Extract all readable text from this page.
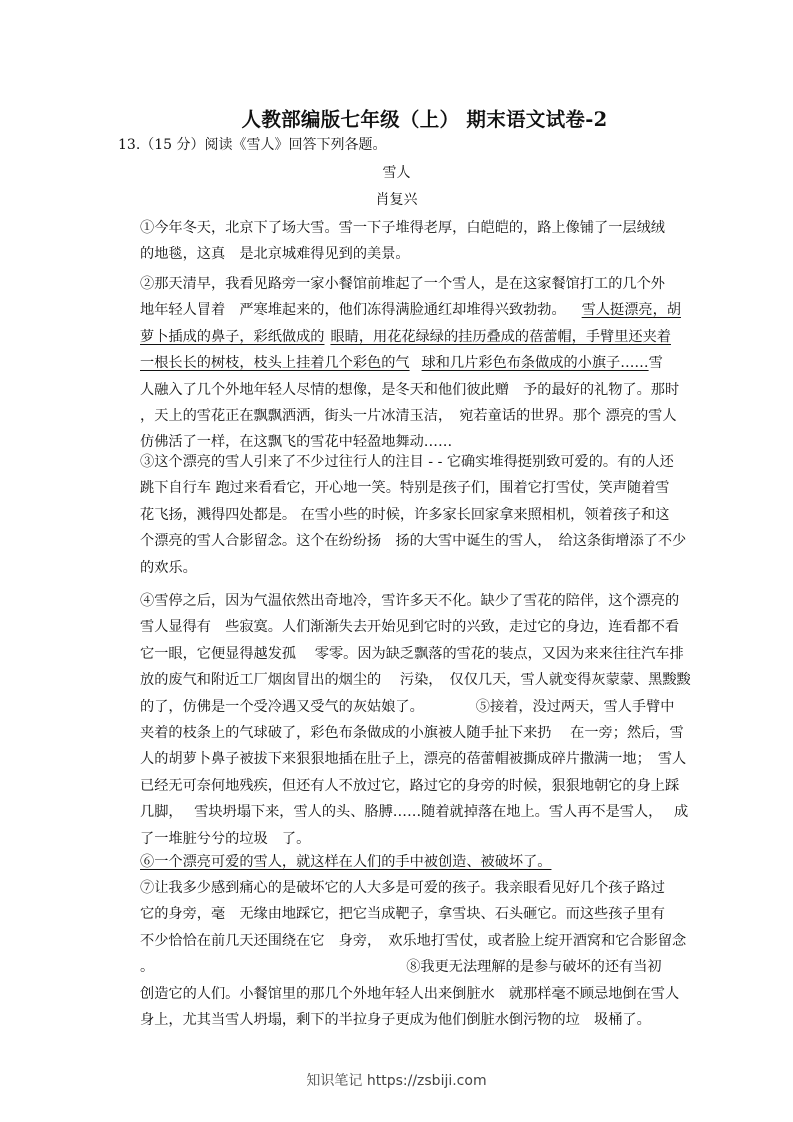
人教部编版七年级（上） 期末语文试卷-2
13.（15 分）阅读《雪人》回答下列各题。
雪人
肖复兴
①今年冬天，北京下了场大雪。雪一下子堆得老厚，白皑皑的，路上像铺了一层绒绒
的地毯，这真　是北京城难得见到的美景。
②那天清早，我看见路旁一家小餐馆前堆起了一个雪人，是在这家餐馆打工的几个外
地年轻人冒着　严寒堆起来的，他们冻得满脸通红却堆得兴致勃勃。 雪人挺漂亮，胡
萝卜插成的鼻子，彩纸做成的 眼睛，用花花绿绿的挂历叠成的蓓蕾帽，手臂里还夹着
一根长长的树枝，枝头上挂着几个彩色的气 球和几片彩色布条做成的小旗子……雪
人融入了几个外地年轻人尽情的想像，是冬天和他们彼此赠　予的最好的礼物了。那时
，天上的雪花正在飘飘洒洒，街头一片冰清玉洁，　宛若童话的世界。那个 漂亮的雪人
仿佛活了一样，在这飘飞的雪花中轻盈地舞动……
③这个漂亮的雪人引来了不少过往行人的注目 - - 它确实堆得挺别致可爱的。有的人还
跳下自行车 跑过来看看它，开心地一笑。特别是孩子们，围着它打雪仗，笑声随着雪
花飞扬，溅得四处都是。 在雪小些的时候，许多家长回家拿来照相机，领着孩子和这
个漂亮的雪人合影留念。这个在纷纷扬　扬的大雪中诞生的雪人，　给这条街增添了不少
的欢乐。
④雪停之后，因为气温依然出奇地冷，雪许多天不化。缺少了雪花的陪伴，这个漂亮的
雪人显得有　些寂寞。人们渐渐失去开始见到它时的兴致，走过它的身边，连看都不看
它一眼，它便显得越发孤　 零零。因为缺乏飘落的雪花的装点，又因为来来往往汽车排
放的废气和附近工厂烟囱冒出的烟尘的　 污染，　仅仅几天，雪人就变得灰蒙蒙、黑黢黢
的了，仿佛是一个受冷遇又受气的灰姑娘了。	⑤接着，没过两天，雪人手臂中
夹着的枝条上的气球破了，彩色布条做成的小旗被人随手扯下来扔　 在一旁；然后，雪
人的胡萝卜鼻子被拔下来狠狠地插在肚子上，漂亮的蓓蕾帽被撕成碎片撒满一地；　雪人
已经无可奈何地残疾，但还有人不放过它，路过它的身旁的时候，狠狠地朝它的身上踩
几脚，　 雪块坍塌下来，雪人的头、胳膊……随着就掉落在地上。雪人再不是雪人，　 成
了一堆脏兮兮的垃圾　了。
⑥一个漂亮可爱的雪人，就这样在人们的手中被创造、被破坏了。
⑦让我多少感到痛心的是破坏它的人大多是可爱的孩子。我亲眼看见好几个孩子路过
它的身旁，毫　无缘由地踩它，把它当成靶子，拿雪块、石头砸它。而这些孩子里有
不少恰恰在前几天还围绕在它　身旁，　欢乐地打雪仗，或者脸上绽开酒窝和它合影留念
。	⑧我更无法理解的是参与破坏的还有当初
创造它的人们。小餐馆里的那几个外地年轻人出来倒脏水　就那样毫不顾忌地倒在雪人
身上，尤其当雪人坍塌，剩下的半拉身子更成为他们倒脏水倒污物的垃　圾桶了。
知识笔记 https://zsbiji.com
